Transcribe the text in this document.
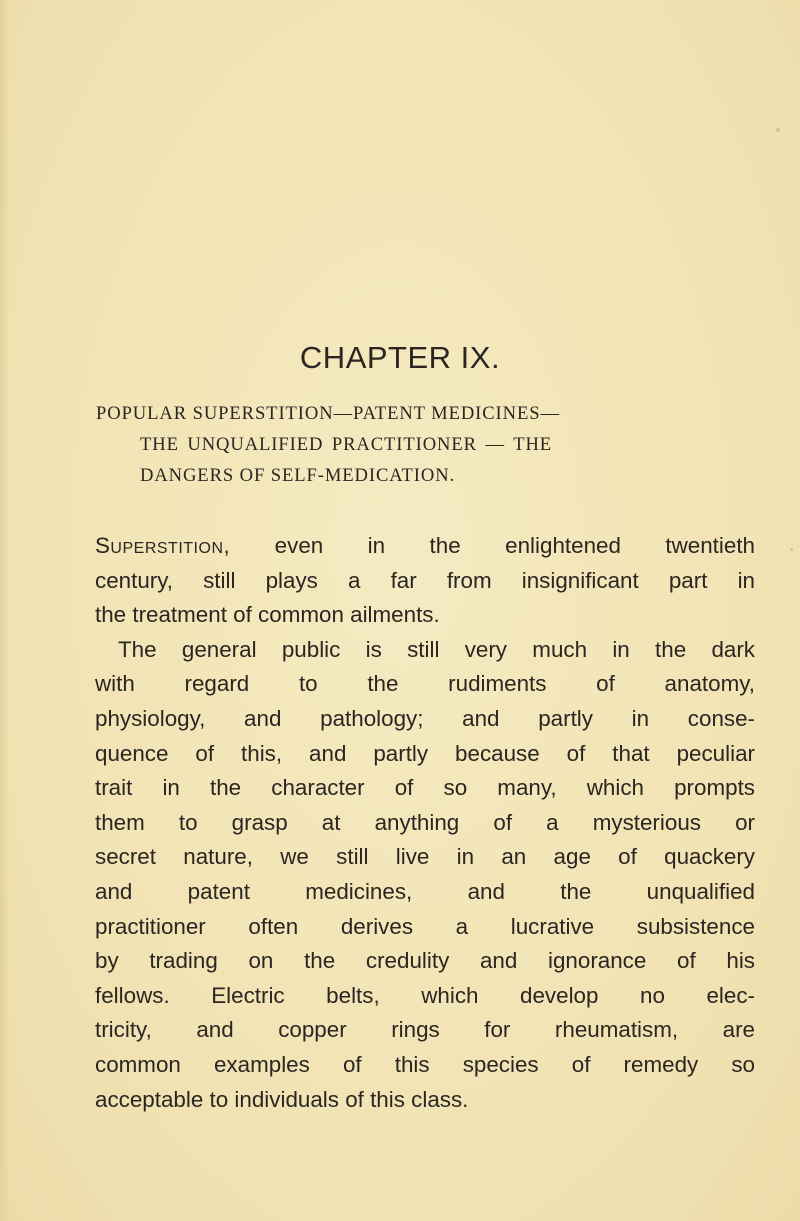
CHAPTER IX.
POPULAR SUPERSTITION—PATENT MEDICINES—
THE UNQUALIFIED PRACTITIONER — THE
DANGERS OF SELF-MEDICATION.
Superstition, even in the enlightened twentieth
century, still plays a far from insignificant part in
the treatment of common ailments.
The general public is still very much in the dark
with regard to the rudiments of anatomy,
physiology, and pathology; and partly in conse-
quence of this, and partly because of that peculiar
trait in the character of so many, which prompts
them to grasp at anything of a mysterious or
secret nature, we still live in an age of quackery
and patent medicines, and the unqualified
practitioner often derives a lucrative subsistence
by trading on the credulity and ignorance of his
fellows. Electric belts, which develop no elec-
tricity, and copper rings for rheumatism, are
common examples of this species of remedy so
acceptable to individuals of this class.
